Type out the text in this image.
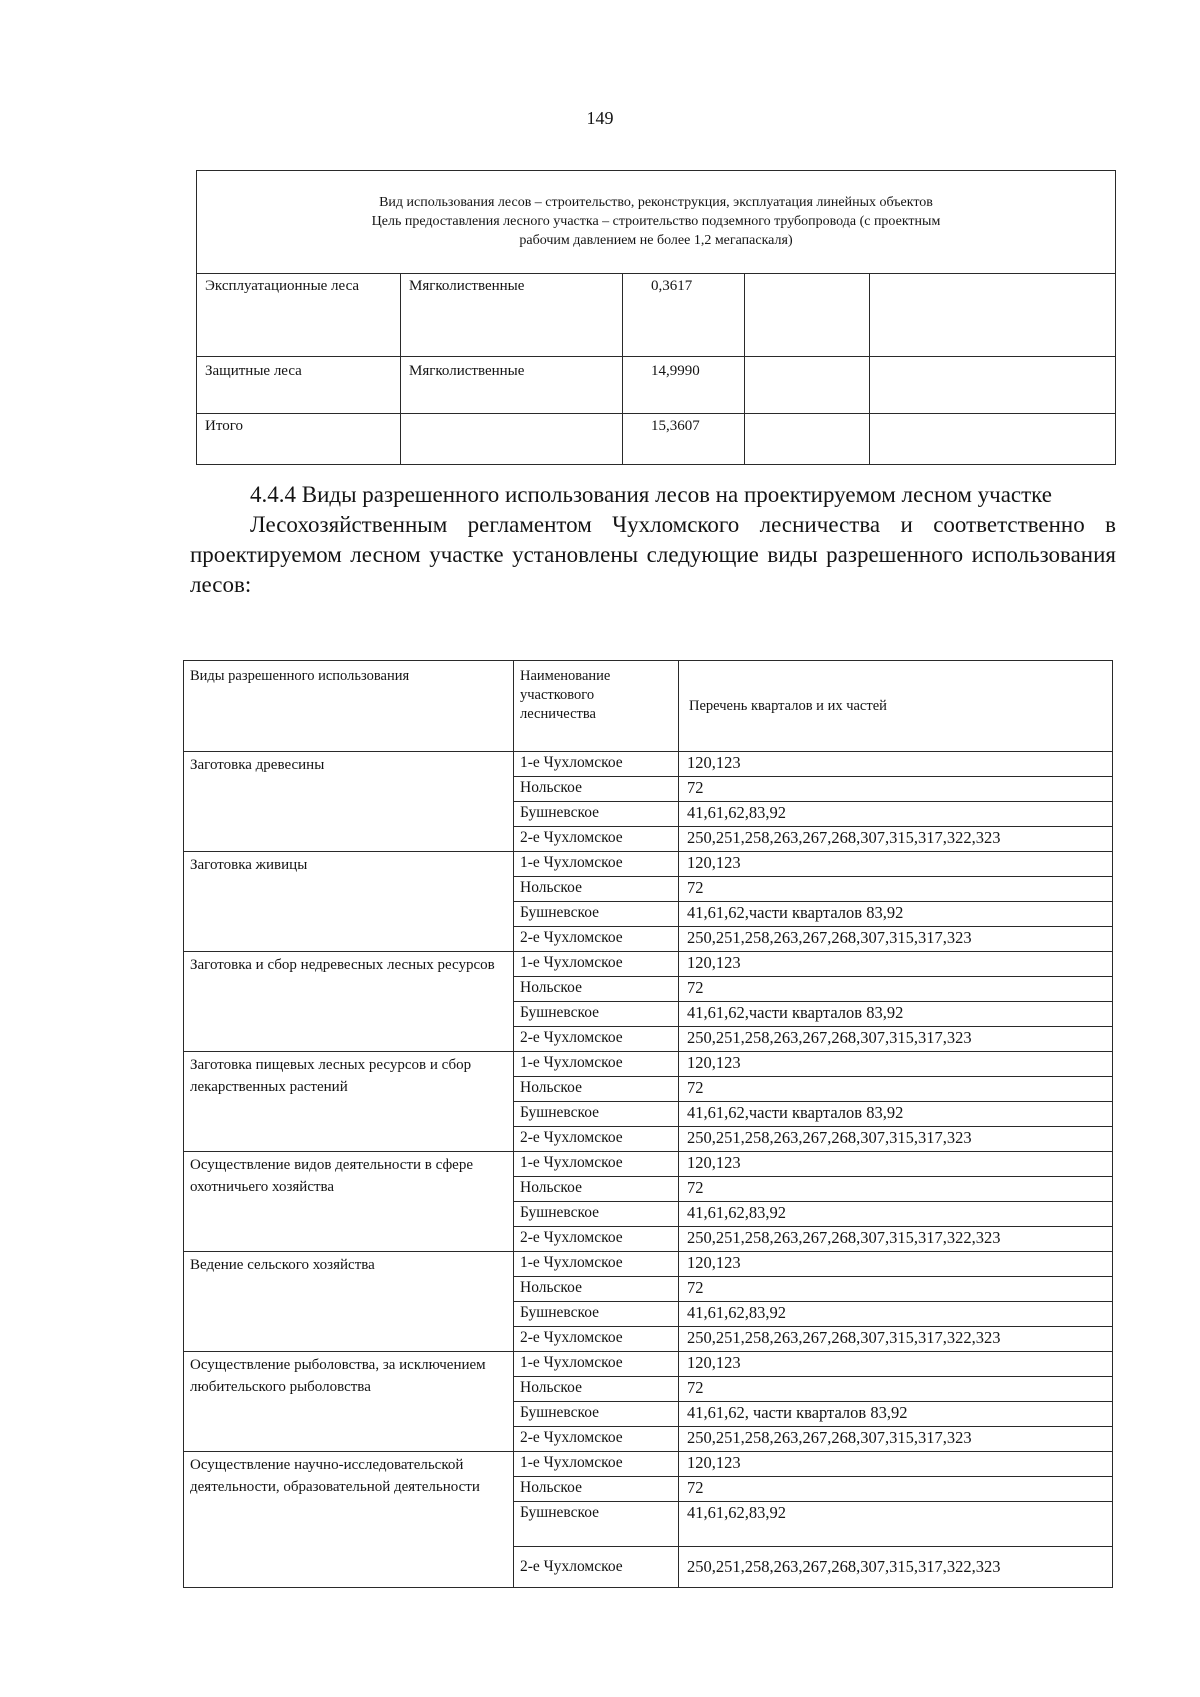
149
Вид использования лесов – строительство, реконструкция, эксплуатация линейных объектов
Цель предоставления лесного участка – строительство подземного трубопровода (с проектным
рабочим давлением не более 1,2 мегапаскаля)				

Эксплуатационные леса	Мягколиственные	0,3617		
Защитные леса	Мягколиственные	14,9990		
Итого		15,3607		

4.4.4 Виды разрешенного использования лесов на проектируемом лесном участке

Лесохозяйственным регламентом Чухломского лесничества и соответственно в проектируемом лесном участке установлены следующие виды разрешенного использования лесов:

Виды разрешенного использования	Наименование участкового лесничества	Перечень кварталов и их частей
Заготовка древесины	1-е Чухломское	120,123
	Нольское	72
	Бушневское	41,61,62,83,92
	2-е Чухломское	250,251,258,263,267,268,307,315,317,322,323
Заготовка живицы	1-е Чухломское	120,123
	Нольское	72
	Бушневское	41,61,62,части кварталов 83,92
	2-е Чухломское	250,251,258,263,267,268,307,315,317,323
Заготовка и сбор недревесных лесных ресурсов	1-е Чухломское	120,123
	Нольское	72
	Бушневское	41,61,62,части кварталов 83,92
	2-е Чухломское	250,251,258,263,267,268,307,315,317,323
Заготовка пищевых лесных ресурсов и сбор лекарственных растений	1-е Чухломское	120,123
	Нольское	72
	Бушневское	41,61,62,части кварталов 83,92
	2-е Чухломское	250,251,258,263,267,268,307,315,317,323
Осуществление видов деятельности в сфере охотничьего хозяйства	1-е Чухломское	120,123
	Нольское	72
	Бушневское	41,61,62,83,92
	2-е Чухломское	250,251,258,263,267,268,307,315,317,322,323
Ведение сельского хозяйства	1-е Чухломское	120,123
	Нольское	72
	Бушневское	41,61,62,83,92
	2-е Чухломское	250,251,258,263,267,268,307,315,317,322,323
Осуществление рыболовства, за исключением любительского рыболовства	1-е Чухломское	120,123
	Нольское	72
	Бушневское	41,61,62, части кварталов 83,92
	2-е Чухломское	250,251,258,263,267,268,307,315,317,323
Осуществление научно-исследовательской деятельности, образовательной деятельности	1-е Чухломское	120,123
	Нольское	72
	Бушневское	41,61,62,83,92
	2-е Чухломское	250,251,258,263,267,268,307,315,317,322,323
